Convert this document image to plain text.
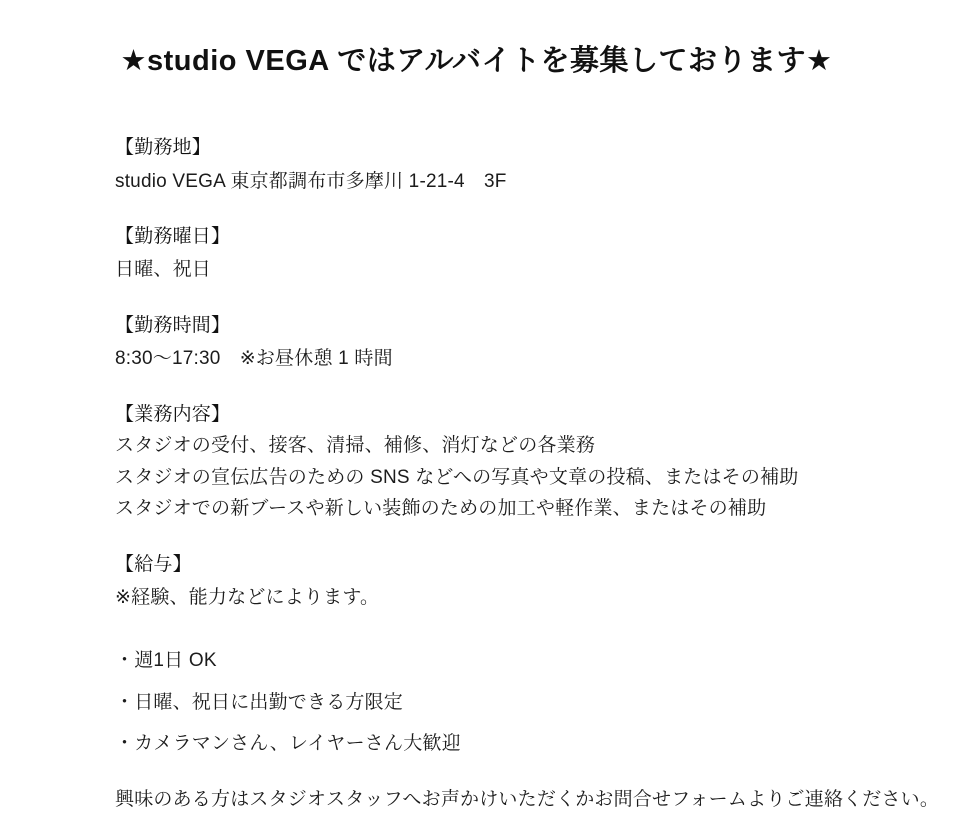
★studio VEGA ではアルバイトを募集しております★

【勤務地】

studio VEGA 東京都調布市多摩川 1-21-4　3F

【勤務曜日】

日曜、祝日

【勤務時間】

8:30〜17:30　※お昼休憩 1 時間

【業務内容】

スタジオの受付、接客、清掃、補修、消灯などの各業務

スタジオの宣伝広告のための SNS などへの写真や文章の投稿、またはその補助

スタジオでの新ブースや新しい装飾のための加工や軽作業、またはその補助

【給与】

※経験、能力などによります。

・週1日 OK

・日曜、祝日に出勤できる方限定

・カメラマンさん、レイヤーさん大歓迎

興味のある方はスタジオスタッフへお声かけいただくかお問合せフォームよりご連絡ください。
